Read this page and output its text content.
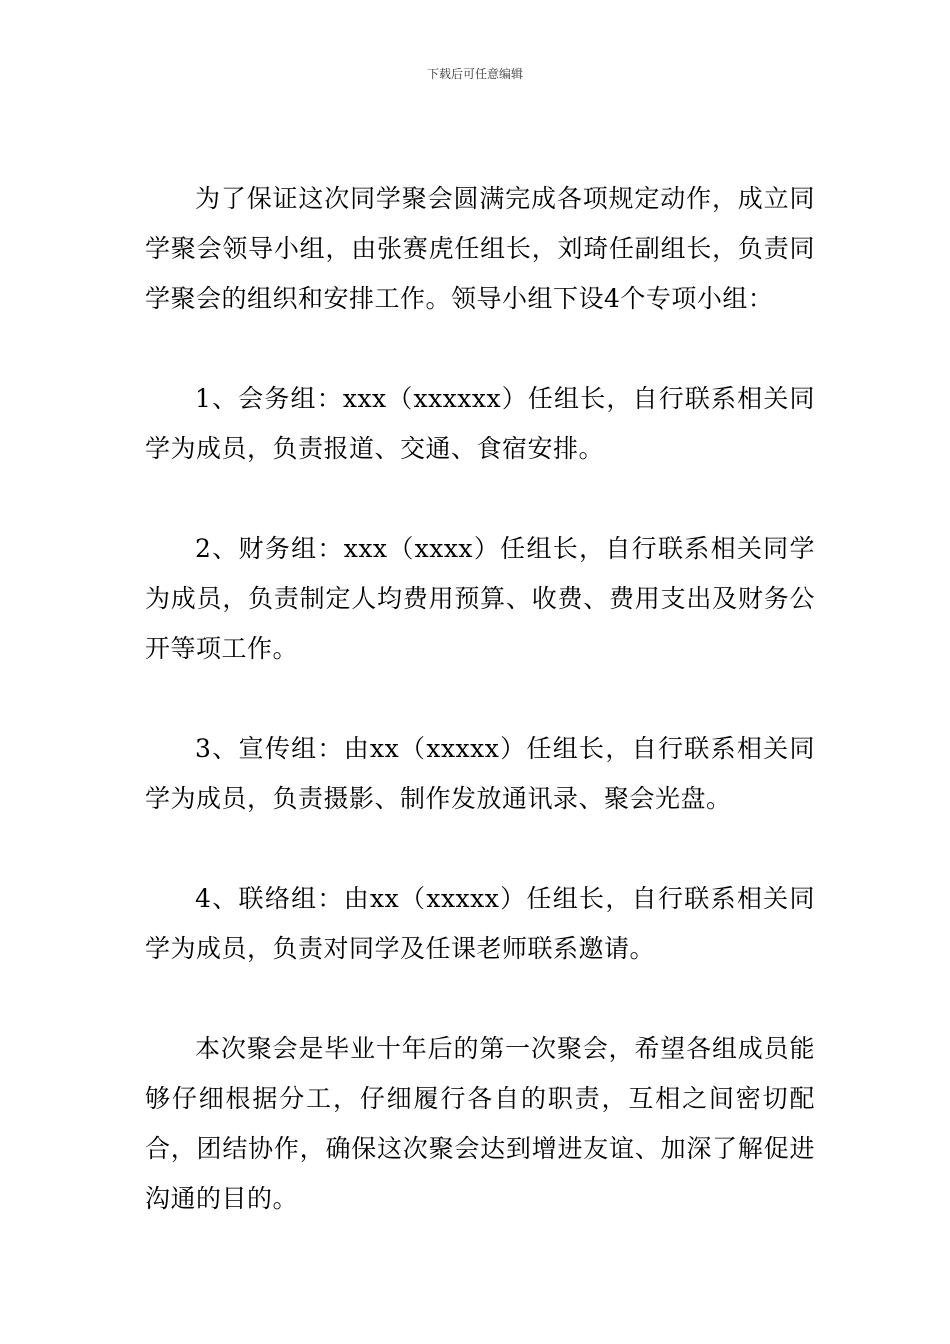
下载后可任意编辑

为了保证这次同学聚会圆满完成各项规定动作，成立同学聚会领导小组，由张赛虎任组长，刘琦任副组长，负责同学聚会的组织和安排工作。领导小组下设4个专项小组：

1、会务组：xxx（xxxxxx）任组长，自行联系相关同学为成员，负责报道、交通、食宿安排。

2、财务组：xxx（xxxx）任组长，自行联系相关同学为成员，负责制定人均费用预算、收费、费用支出及财务公开等项工作。

3、宣传组：由xx（xxxxx）任组长，自行联系相关同学为成员，负责摄影、制作发放通讯录、聚会光盘。

4、联络组：由xx（xxxxx）任组长，自行联系相关同学为成员，负责对同学及任课老师联系邀请。

本次聚会是毕业十年后的第一次聚会，希望各组成员能够仔细根据分工，仔细履行各自的职责，互相之间密切配合，团结协作，确保这次聚会达到增进友谊、加深了解促进沟通的目的。
